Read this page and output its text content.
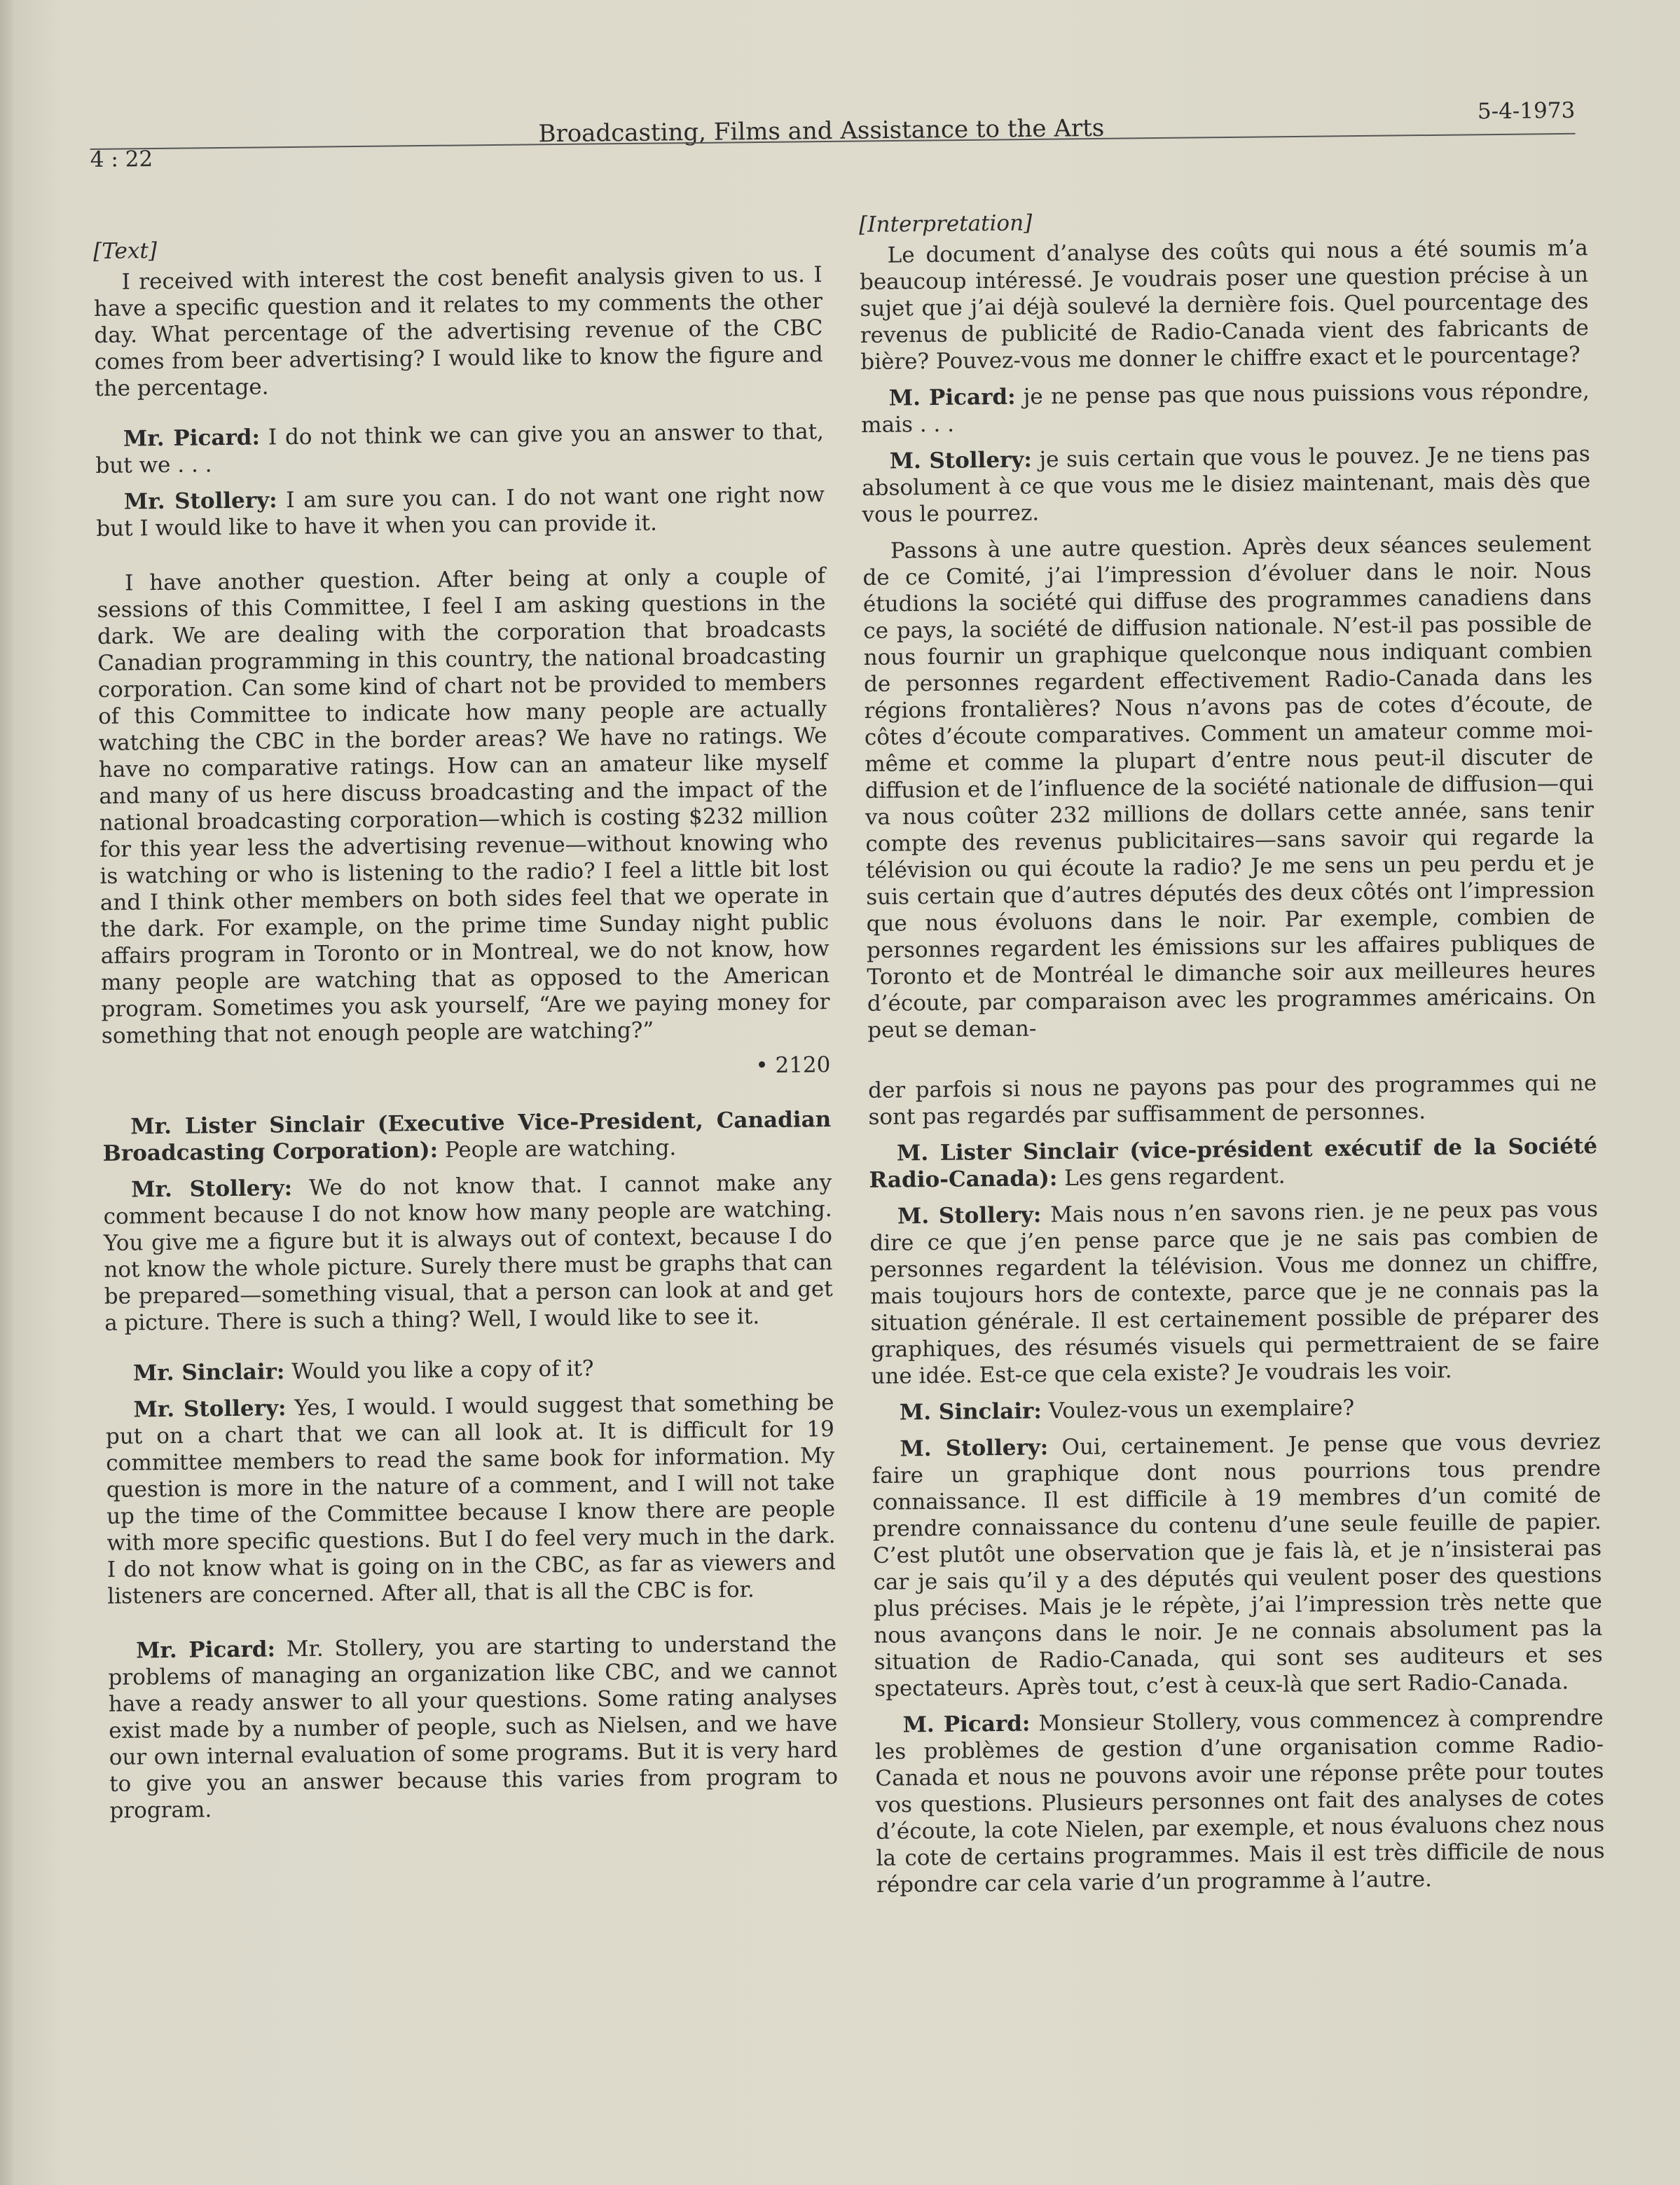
4 : 22
Broadcasting, Films and Assistance to the Arts
5-4-1973

[Text]

I received with interest the cost benefit analysis given to us. I have a specific question and it relates to my comments the other day. What percentage of the advertising revenue of the CBC comes from beer advertising? I would like to know the figure and the percentage.

Mr. Picard: I do not think we can give you an answer to that, but we . . .

Mr. Stollery: I am sure you can. I do not want one right now but I would like to have it when you can provide it.

I have another question. After being at only a couple of sessions of this Committee, I feel I am asking questions in the dark. We are dealing with the corporation that broadcasts Canadian programming in this country, the national broadcasting corporation. Can some kind of chart not be provided to members of this Committee to indicate how many people are actually watching the CBC in the border areas? We have no ratings. We have no comparative ratings. How can an amateur like myself and many of us here discuss broadcasting and the impact of the national broadcasting corporation—which is costing $232 million for this year less the advertising revenue—without knowing who is watching or who is listening to the radio? I feel a little bit lost and I think other members on both sides feel that we operate in the dark. For example, on the prime time Sunday night public affairs program in Toronto or in Montreal, we do not know, how many people are watching that as opposed to the American program. Sometimes you ask yourself, “Are we paying money for something that not enough people are watching?”

• 2120

Mr. Lister Sinclair (Executive Vice-President, Canadian Broadcasting Corporation): People are watching.

Mr. Stollery: We do not know that. I cannot make any comment because I do not know how many people are watching. You give me a figure but it is always out of context, because I do not know the whole picture. Surely there must be graphs that can be prepared—something visual, that a person can look at and get a picture. There is such a thing? Well, I would like to see it.

Mr. Sinclair: Would you like a copy of it?

Mr. Stollery: Yes, I would. I would suggest that something be put on a chart that we can all look at. It is difficult for 19 committee members to read the same book for information. My question is more in the nature of a comment, and I will not take up the time of the Committee because I know there are people with more specific questions. But I do feel very much in the dark. I do not know what is going on in the CBC, as far as viewers and listeners are concerned. After all, that is all the CBC is for.

Mr. Picard: Mr. Stollery, you are starting to understand the problems of managing an organization like CBC, and we cannot have a ready answer to all your questions. Some rating analyses exist made by a number of people, such as Nielsen, and we have our own internal evaluation of some programs. But it is very hard to give you an answer because this varies from program to program.

[Interpretation]

Le document d’analyse des coûts qui nous a été soumis m’a beaucoup intéressé. Je voudrais poser une question précise à un sujet que j’ai déjà soulevé la dernière fois. Quel pourcentage des revenus de publicité de Radio-Canada vient des fabricants de bière? Pouvez-vous me donner le chiffre exact et le pourcentage?

M. Picard: je ne pense pas que nous puissions vous répondre, mais . . .

M. Stollery: je suis certain que vous le pouvez. Je ne tiens pas absolument à ce que vous me le disiez maintenant, mais dès que vous le pourrez.

Passons à une autre question. Après deux séances seulement de ce Comité, j’ai l’impression d’évoluer dans le noir. Nous étudions la société qui diffuse des programmes canadiens dans ce pays, la société de diffusion nationale. N’est-il pas possible de nous fournir un graphique quelconque nous indiquant combien de personnes regardent effectivement Radio-Canada dans les régions frontalières? Nous n’avons pas de cotes d’écoute, de côtes d’écoute comparatives. Comment un amateur comme moi-même et comme la plupart d’entre nous peut-il discuter de diffusion et de l’influence de la société nationale de diffusion—qui va nous coûter 232 millions de dollars cette année, sans tenir compte des revenus publicitaires—sans savoir qui regarde la télévision ou qui écoute la radio? Je me sens un peu perdu et je suis certain que d’autres députés des deux côtés ont l’impression que nous évoluons dans le noir. Par exemple, combien de personnes regardent les émissions sur les affaires publiques de Toronto et de Montréal le dimanche soir aux meilleures heures d’écoute, par comparaison avec les programmes américains. On peut se deman-

der parfois si nous ne payons pas pour des programmes qui ne sont pas regardés par suffisamment de personnes.

M. Lister Sinclair (vice-président exécutif de la Société Radio-Canada): Les gens regardent.

M. Stollery: Mais nous n’en savons rien. je ne peux pas vous dire ce que j’en pense parce que je ne sais pas combien de personnes regardent la télévision. Vous me donnez un chiffre, mais toujours hors de contexte, parce que je ne connais pas la situation générale. Il est certainement possible de préparer des graphiques, des résumés visuels qui permettraient de se faire une idée. Est-ce que cela existe? Je voudrais les voir.

M. Sinclair: Voulez-vous un exemplaire?

M. Stollery: Oui, certainement. Je pense que vous devriez faire un graphique dont nous pourrions tous prendre connaissance. Il est difficile à 19 membres d’un comité de prendre connaissance du contenu d’une seule feuille de papier. C’est plutôt une observation que je fais là, et je n’insisterai pas car je sais qu’il y a des députés qui veulent poser des questions plus précises. Mais je le répète, j’ai l’impression très nette que nous avançons dans le noir. Je ne connais absolument pas la situation de Radio-Canada, qui sont ses auditeurs et ses spectateurs. Après tout, c’est à ceux-là que sert Radio-Canada.

M. Picard: Monsieur Stollery, vous commencez à comprendre les problèmes de gestion d’une organisation comme Radio-Canada et nous ne pouvons avoir une réponse prête pour toutes vos questions. Plusieurs personnes ont fait des analyses de cotes d’écoute, la cote Nielen, par exemple, et nous évaluons chez nous la cote de certains programmes. Mais il est très difficile de nous répondre car cela varie d’un programme à l’autre.
